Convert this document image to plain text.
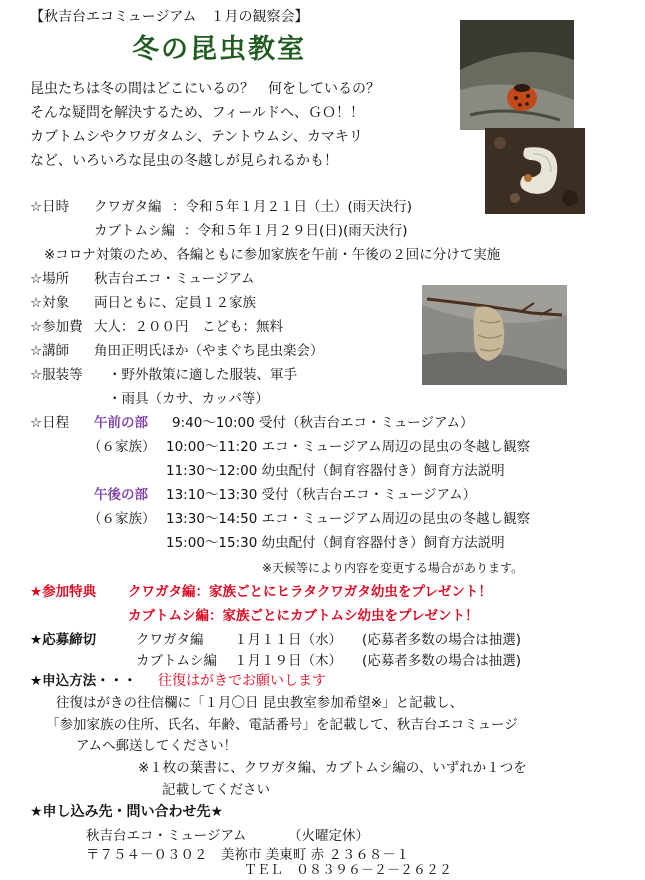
【秋吉台エコミュージアム　１月の観察会】
冬の昆虫教室
昆虫たちは冬の間はどこにいるの？　何をしているの？
そんな疑問を解決するため、フィールドへ、ＧＯ！！
カブトムシやクワガタムシ、テントウムシ、カマキリ
など、いろいろな昆虫の冬越しが見られるかも！
☆日時 クワガタ編 ：令和５年１月２１日（土）(雨天決行)
カブトムシ編 ：令和５年１月２９日(日)(雨天決行)
※コロナ対策のため、各編ともに参加家族を午前・午後の２回に分けて実施
☆場所 秋吉台エコ・ミュージアム
☆対象 両日ともに、定員１２家族
☆参加費 大人：２００円　こども：無料
☆講師 角田正明氏ほか（やまぐち昆虫楽会）
☆服装等 ・野外散策に適した服装、軍手
・雨具（カサ、カッパ等）
☆日程 午前の部 9:40～10:00 受付（秋吉台エコ・ミュージアム）
（６家族） 10:00～11:20 エコ・ミュージアム周辺の昆虫の冬越し観察
11:30～12:00 幼虫配付（飼育容器付き）飼育方法説明
午後の部 13:10～13:30 受付（秋吉台エコ・ミュージアム）
（６家族） 13:30～14:50 エコ・ミュージアム周辺の昆虫の冬越し観察
15:00～15:30 幼虫配付（飼育容器付き）飼育方法説明
※天候等により内容を変更する場合があります。
★参加特典 クワガタ編：家族ごとにヒラタクワガタ幼虫をプレゼント！
カブトムシ編：家族ごとにカブトムシ幼虫をプレゼント！
★応募締切	クワガタ編 １月１１日（水） (応募者多数の場合は抽選)
カブトムシ編 １月１９日（木） (応募者多数の場合は抽選)
★申込方法・・・ 往復はがきでお願いします
往復はがきの往信欄に「１月〇日 昆虫教室参加希望※」と記載し、
「参加家族の住所、氏名、年齢、電話番号」を記載して、秋吉台エコミュージ
アムへ郵送してください！
※１枚の葉書に、クワガタ編、カブトムシ編の、いずれか１つを
記載してください
★申し込み先・問い合わせ先★
秋吉台エコ・ミュージアム	（火曜定休）
〒７５４－０３０２　美祢市 美東町 赤 ２３６８－１
ＴＥＬ　０８３９６－２－２６２２
